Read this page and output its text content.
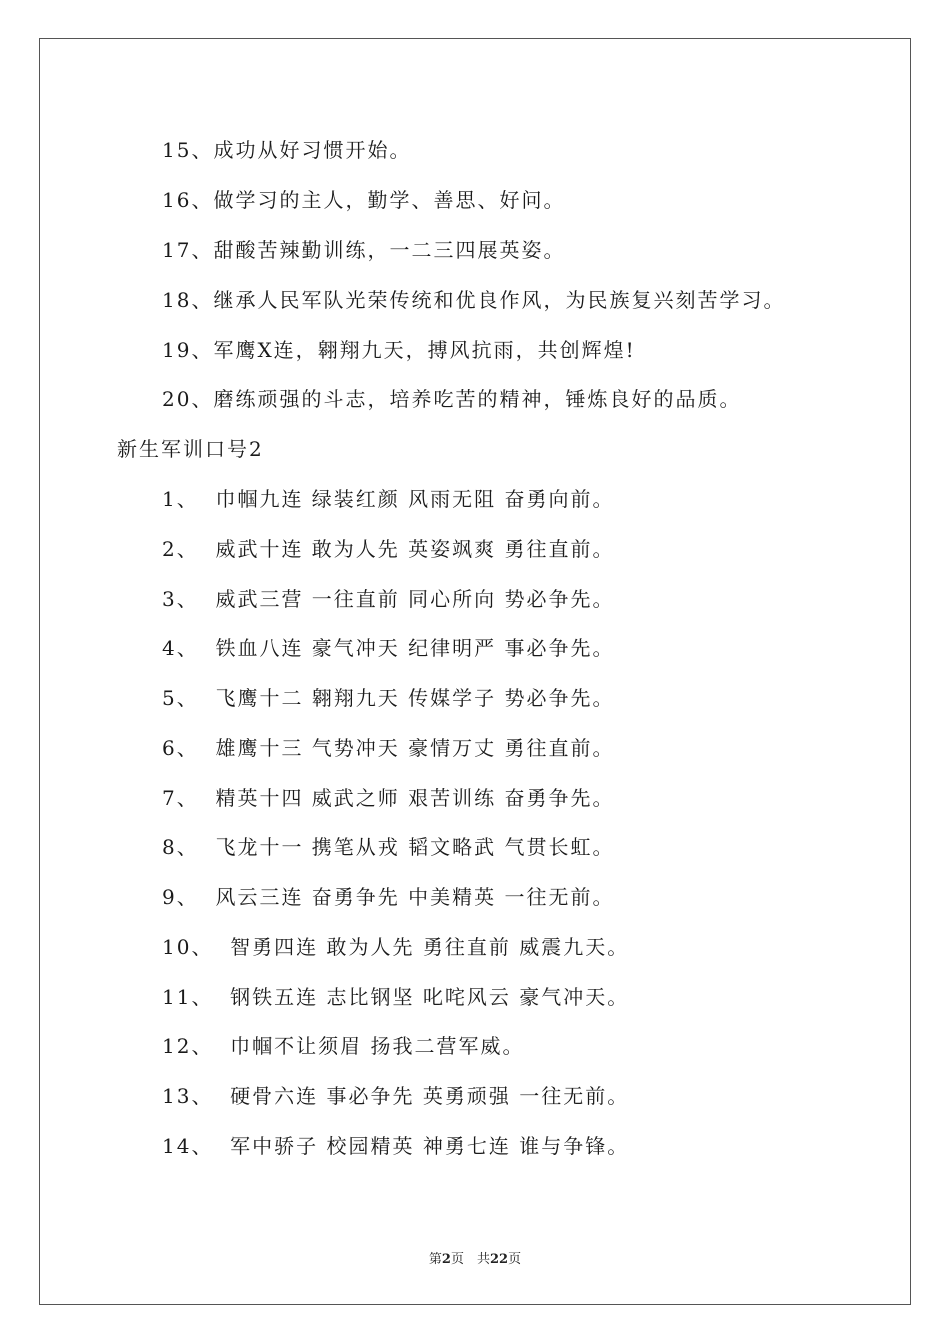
15、成功从好习惯开始。
16、做学习的主人，勤学、善思、好问。
17、甜酸苦辣勤训练，一二三四展英姿。
18、继承人民军队光荣传统和优良作风，为民族复兴刻苦学习。
19、军鹰X连，翱翔九天，搏风抗雨，共创辉煌!
20、磨练顽强的斗志，培养吃苦的精神，锤炼良好的品质。
新生军训口号2
1、  巾帼九连 绿装红颜 风雨无阻 奋勇向前。
2、  威武十连 敢为人先 英姿飒爽 勇往直前。
3、  威武三营 一往直前 同心所向 势必争先。
4、  铁血八连 豪气冲天 纪律明严 事必争先。
5、  飞鹰十二 翱翔九天 传媒学子 势必争先。
6、  雄鹰十三 气势冲天 豪情万丈 勇往直前。
7、  精英十四 威武之师 艰苦训练 奋勇争先。
8、  飞龙十一 携笔从戎 韬文略武 气贯长虹。
9、  风云三连 奋勇争先 中美精英 一往无前。
10、  智勇四连 敢为人先 勇往直前 威震九天。
11、  钢铁五连 志比钢坚 叱咤风云 豪气冲天。
12、  巾帼不让须眉 扬我二营军威。
13、  硬骨六连 事必争先 英勇顽强 一往无前。
14、  军中骄子 校园精英 神勇七连 谁与争锋。
第2页　共22页
